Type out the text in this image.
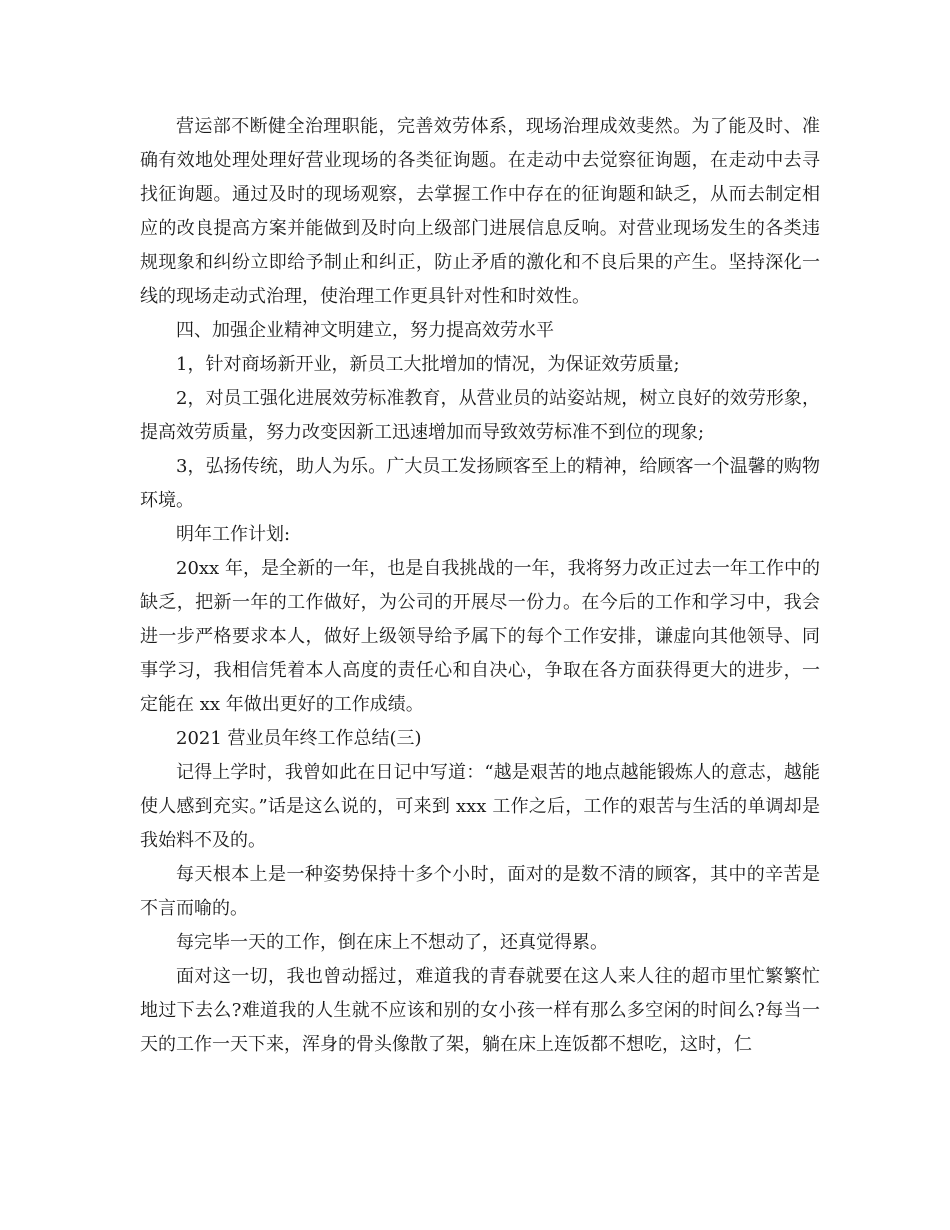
营运部不断健全治理职能，完善效劳体系，现场治理成效斐然。为了能及时、准确有效地处理处理好营业现场的各类征询题。在走动中去觉察征询题，在走动中去寻找征询题。通过及时的现场观察，去掌握工作中存在的征询题和缺乏，从而去制定相应的改良提高方案并能做到及时向上级部门进展信息反响。对营业现场发生的各类违规现象和纠纷立即给予制止和纠正，防止矛盾的激化和不良后果的产生。坚持深化一线的现场走动式治理，使治理工作更具针对性和时效性。

四、加强企业精神文明建立，努力提高效劳水平

1，针对商场新开业，新员工大批增加的情况，为保证效劳质量;

2，对员工强化进展效劳标准教育，从营业员的站姿站规，树立良好的效劳形象，提高效劳质量，努力改变因新工迅速增加而导致效劳标准不到位的现象;

3，弘扬传统，助人为乐。广大员工发扬顾客至上的精神，给顾客一个温馨的购物环境。

明年工作计划:

20xx 年，是全新的一年，也是自我挑战的一年，我将努力改正过去一年工作中的缺乏，把新一年的工作做好，为公司的开展尽一份力。在今后的工作和学习中，我会进一步严格要求本人，做好上级领导给予属下的每个工作安排，谦虚向其他领导、同事学习，我相信凭着本人高度的责任心和自决心，争取在各方面获得更大的进步，一定能在 xx 年做出更好的工作成绩。

2021 营业员年终工作总结(三)

记得上学时，我曾如此在日记中写道：“越是艰苦的地点越能锻炼人的意志，越能使人感到充实。”话是这么说的，可来到 xxx 工作之后，工作的艰苦与生活的单调却是我始料不及的。

每天根本上是一种姿势保持十多个小时，面对的是数不清的顾客，其中的辛苦是不言而喻的。

每完毕一天的工作，倒在床上不想动了，还真觉得累。

面对这一切，我也曾动摇过，难道我的青春就要在这人来人往的超市里忙繁繁忙地过下去么?难道我的人生就不应该和别的女小孩一样有那么多空闲的时间么?每当一天的工作一天下来，浑身的骨头像散了架，躺在床上连饭都不想吃，这时，仁
